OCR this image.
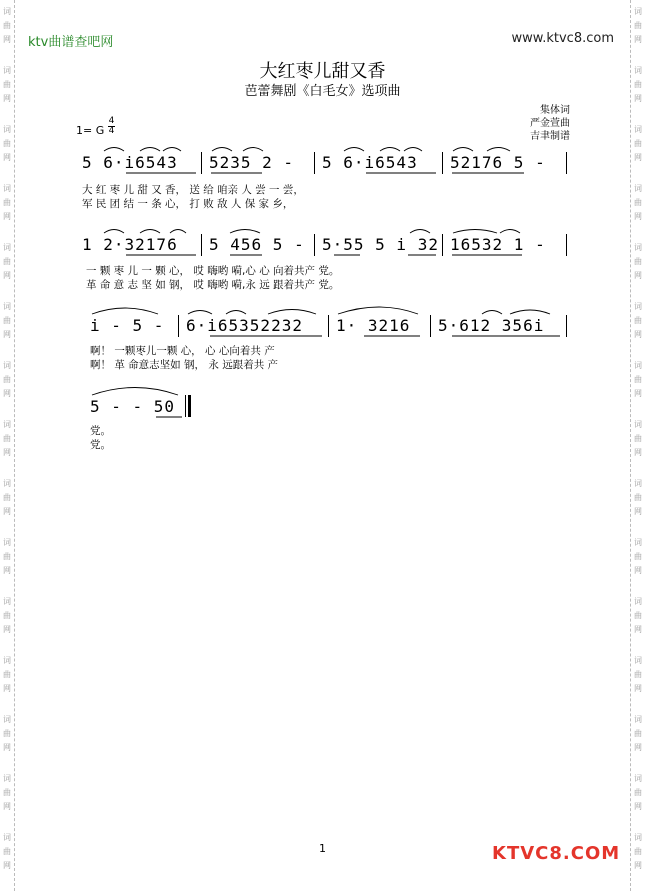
词
曲
网
词
曲
网
词
曲
网
词
曲
网
词
曲
网
词
曲
网
词
曲
网
词
曲
网
词
曲
网
词
曲
网
词
曲
网
词
曲
网
词
曲
网
词
曲
网
词
曲
网
词
曲
网
词
曲
网
词
曲
网
词
曲
网
词
曲
网
词
曲
网
词
曲
网
词
曲
网
词
曲
网
词
曲
网
词
曲
网
词
曲
网
词
曲
网
词
曲
网
词
曲
网
ktv曲谱查吧网	www.ktvc8.com
大红枣儿甜又香
芭蕾舞剧《白毛女》选项曲
集体词
严金萱曲
吉聿制谱
1= G
4
4
5 6·i6543 5235 2 - 5 6·i6543 52176 5 -
大 红 枣 儿 甜 又 香， 送 给 咱亲 人 尝 一 尝，
军 民 团 结 一 条 心， 打 败 敌 人 保 家 乡，
1 2·32176 5 456 5 - 5·55 5 i 32 16532 1 -
一 颗 枣 儿 一 颗 心， 哎 嗨哟 嗬,心 心 向着共产 党。
革 命 意 志 坚 如 钢， 哎 嗨哟 嗬,永 远 跟着共产 党。
i - 5 - 6·i65352232 1· 3216 5·612 356i
啊！ 一颗枣儿一颗 心， 心 心向着共 产
啊！ 革 命意志坚如 钢， 永 远跟着共 产
5 - - 50
党。
党。
1	KTVC8.COM
